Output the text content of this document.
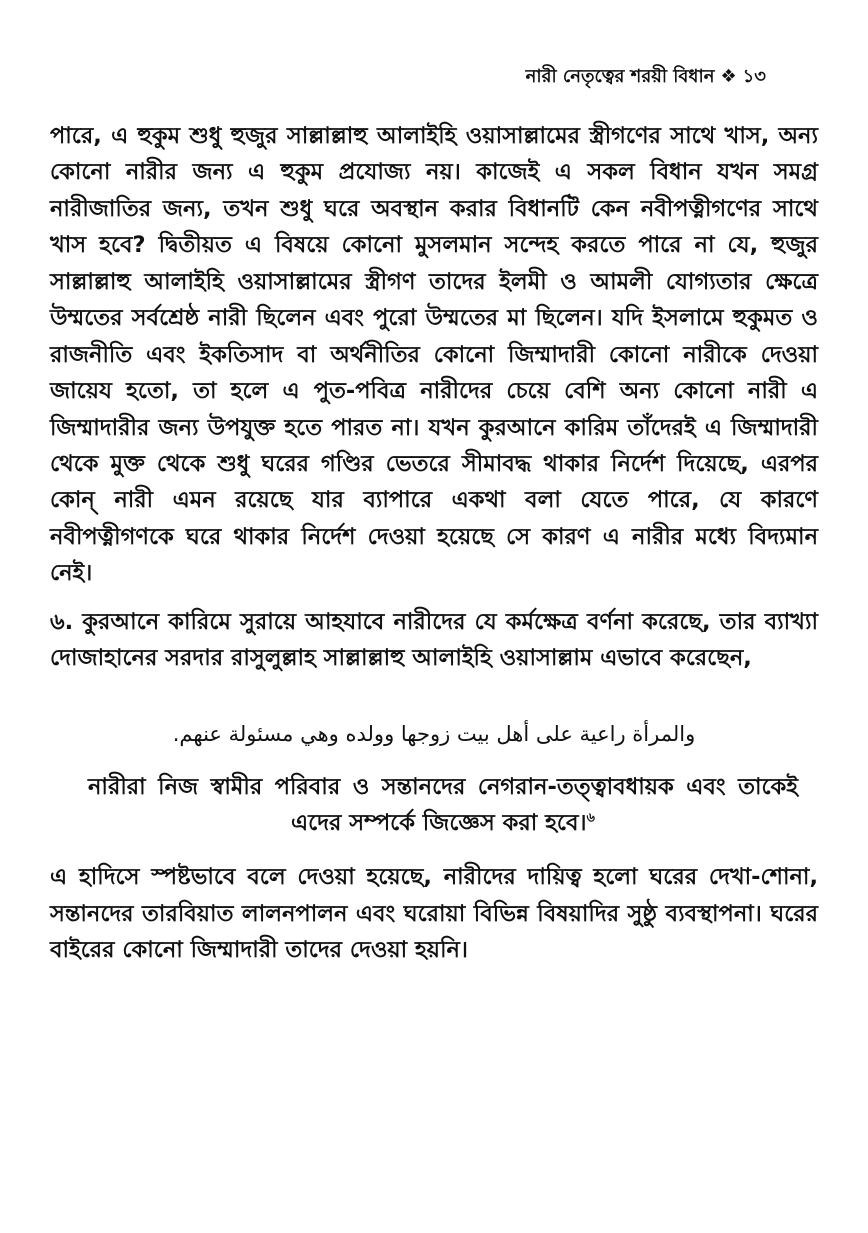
নারী নেতৃত্বের শরয়ী বিধান ❖ ১৩

পারে, এ হুকুম শুধু হুজুর সাল্লাল্লাহু আলাইহি ওয়াসাল্লামের স্ত্রীগণের সাথে খাস, অন্য কোনো নারীর জন্য এ হুকুম প্রযোজ্য নয়। কাজেই এ সকল বিধান যখন সমগ্র নারীজাতির জন্য, তখন শুধু ঘরে অবস্থান করার বিধানটি কেন নবীপত্নীগণের সাথে খাস হবে? দ্বিতীয়ত এ বিষয়ে কোনো মুসলমান সন্দেহ করতে পারে না যে, হুজুর সাল্লাল্লাহু আলাইহি ওয়াসাল্লামের স্ত্রীগণ তাদের ইলমী ও আমলী যোগ্যতার ক্ষেত্রে উম্মতের সর্বশ্রেষ্ঠ নারী ছিলেন এবং পুরো উম্মতের মা ছিলেন। যদি ইসলামে হুকুমত ও রাজনীতি এবং ইকতিসাদ বা অর্থনীতির কোনো জিম্মাদারী কোনো নারীকে দেওয়া জায়েয হতো, তা হলে এ পুত-পবিত্র নারীদের চেয়ে বেশি অন্য কোনো নারী এ জিম্মাদারীর জন্য উপযুক্ত হতে পারত না। যখন কুরআনে কারিম তাঁদেরই এ জিম্মাদারী থেকে মুক্ত থেকে শুধু ঘরের গণ্ডির ভেতরে সীমাবদ্ধ থাকার নির্দেশ দিয়েছে, এরপর কোন্ নারী এমন রয়েছে যার ব্যাপারে একথা বলা যেতে পারে, যে কারণে নবীপত্নীগণকে ঘরে থাকার নির্দেশ দেওয়া হয়েছে সে কারণ এ নারীর মধ্যে বিদ্যমান নেই।

৬. কুরআনে কারিমে সুরায়ে আহযাবে নারীদের যে কর্মক্ষেত্র বর্ণনা করেছে, তার ব্যাখ্যা দোজাহানের সরদার রাসুলুল্লাহ সাল্লাল্লাহু আলাইহি ওয়াসাল্লাম এভাবে করেছেন,

والمرأة راعية على أهل بيت زوجها وولده وهي مسئولة عنهم.

নারীরা নিজ স্বামীর পরিবার ও সন্তানদের নেগরান-তত্ত্বাবধায়ক এবং তাকেই এদের সম্পর্কে জিজ্ঞেস করা হবে।$^৬$

এ হাদিসে স্পষ্টভাবে বলে দেওয়া হয়েছে, নারীদের দায়িত্ব হলো ঘরের দেখা-শোনা, সন্তানদের তারবিয়াত লালনপালন এবং ঘরোয়া বিভিন্ন বিষয়াদির সুষ্ঠু ব্যবস্থাপনা। ঘরের বাইরের কোনো জিম্মাদারী তাদের দেওয়া হয়নি।
